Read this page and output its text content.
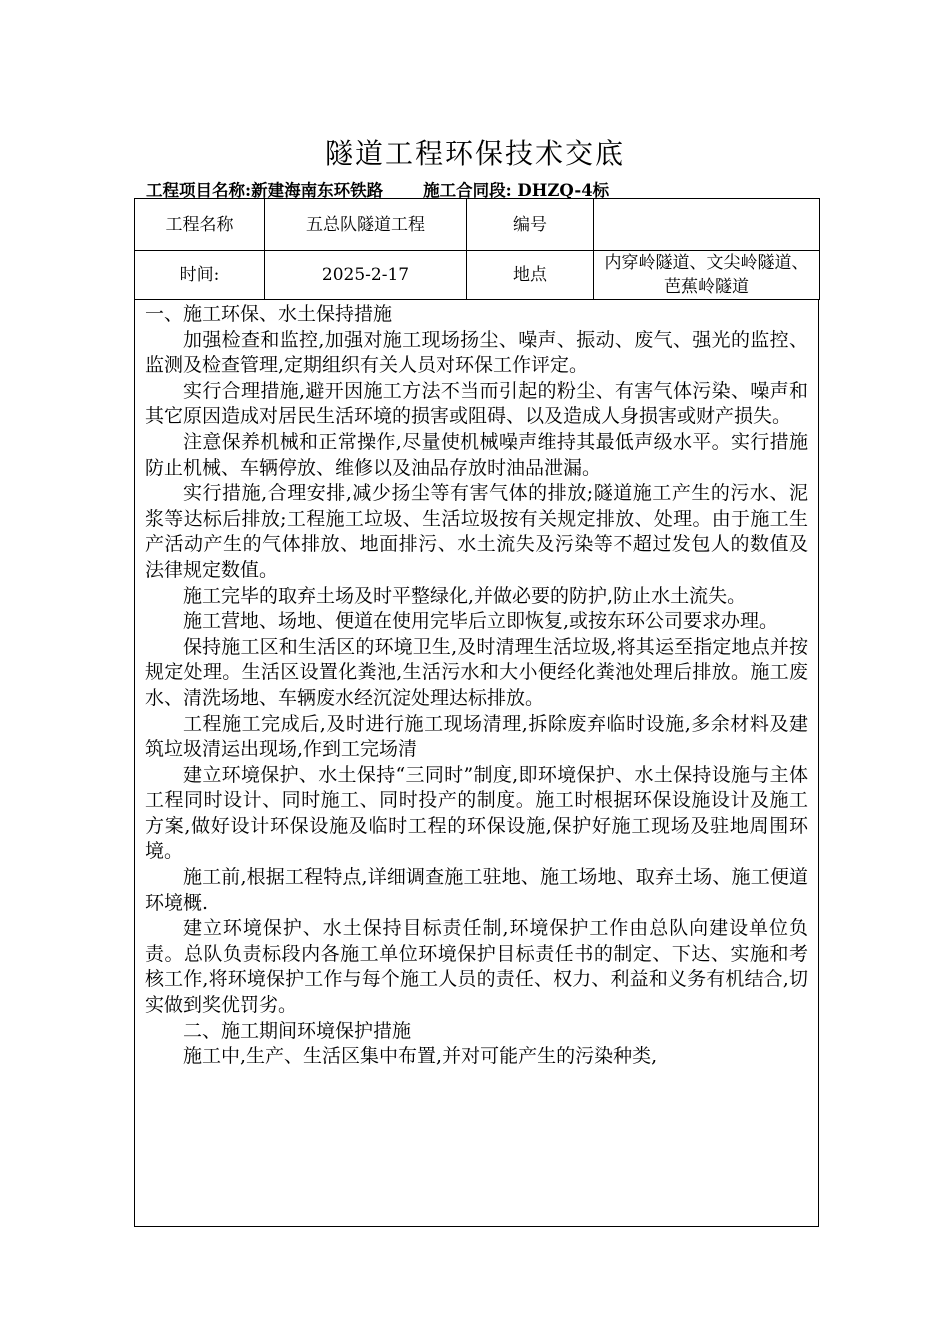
隧道工程环保技术交底
工程项目名称:新建海南东环铁路 施工合同段: DHZQ-4标
工程名称	五总队隧道工程	编号	
时间:	2025-2-17	地点	内穿岭隧道、文尖岭隧道、芭蕉岭隧道

一、施工环保、水土保持措施

加强检查和监控,加强对施工现场扬尘、噪声、振动、废气、强光的监控、监测及检查管理,定期组织有关人员对环保工作评定。

实行合理措施,避开因施工方法不当而引起的粉尘、有害气体污染、噪声和其它原因造成对居民生活环境的损害或阻碍、以及造成人身损害或财产损失。

注意保养机械和正常操作,尽量使机械噪声维持其最低声级水平。实行措施防止机械、车辆停放、维修以及油品存放时油品泄漏。

实行措施,合理安排,减少扬尘等有害气体的排放;隧道施工产生的污水、泥浆等达标后排放;工程施工垃圾、生活垃圾按有关规定排放、处理。由于施工生产活动产生的气体排放、地面排污、水土流失及污染等不超过发包人的数值及法律规定数值。

施工完毕的取弃土场及时平整绿化,并做必要的防护,防止水土流失。

施工营地、场地、便道在使用完毕后立即恢复,或按东环公司要求办理。

保持施工区和生活区的环境卫生,及时清理生活垃圾,将其运至指定地点并按规定处理。生活区设置化粪池,生活污水和大小便经化粪池处理后排放。施工废水、清洗场地、车辆废水经沉淀处理达标排放。

工程施工完成后,及时进行施工现场清理,拆除废弃临时设施,多余材料及建筑垃圾清运出现场,作到工完场清

建立环境保护、水土保持“三同时”制度,即环境保护、水土保持设施与主体工程同时设计、同时施工、同时投产的制度。施工时根据环保设施设计及施工方案,做好设计环保设施及临时工程的环保设施,保护好施工现场及驻地周围环境。

施工前,根据工程特点,详细调查施工驻地、施工场地、取弃土场、施工便道环境概.

建立环境保护、水土保持目标责任制,环境保护工作由总队向建设单位负责。总队负责标段内各施工单位环境保护目标责任书的制定、下达、实施和考核工作,将环境保护工作与每个施工人员的责任、权力、利益和义务有机结合,切实做到奖优罚劣。

二、施工期间环境保护措施

施工中,生产、生活区集中布置,并对可能产生的污染种类,
